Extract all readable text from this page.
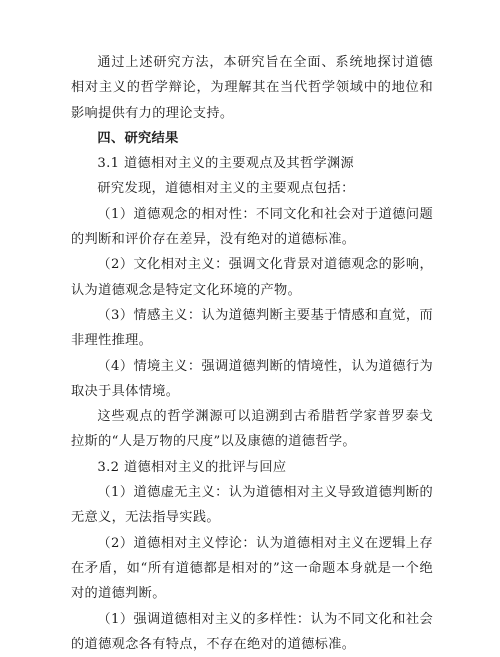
通过上述研究方法，本研究旨在全面、系统地探讨道德相对主义的哲学辩论，为理解其在当代哲学领域中的地位和影响提供有力的理论支持。

四、研究结果

3.1 道德相对主义的主要观点及其哲学渊源

研究发现，道德相对主义的主要观点包括：

（1）道德观念的相对性：不同文化和社会对于道德问题的判断和评价存在差异，没有绝对的道德标准。

（2）文化相对主义：强调文化背景对道德观念的影响，认为道德观念是特定文化环境的产物。

（3）情感主义：认为道德判断主要基于情感和直觉，而非理性推理。

（4）情境主义：强调道德判断的情境性，认为道德行为取决于具体情境。

这些观点的哲学渊源可以追溯到古希腊哲学家普罗泰戈拉斯的“人是万物的尺度”以及康德的道德哲学。

3.2 道德相对主义的批评与回应

（1）道德虚无主义：认为道德相对主义导致道德判断的无意义，无法指导实践。

（2）道德相对主义悖论：认为道德相对主义在逻辑上存在矛盾，如“所有道德都是相对的”这一命题本身就是一个绝对的道德判断。

（1）强调道德相对主义的多样性：认为不同文化和社会的道德观念各有特点，不存在绝对的道德标准。
